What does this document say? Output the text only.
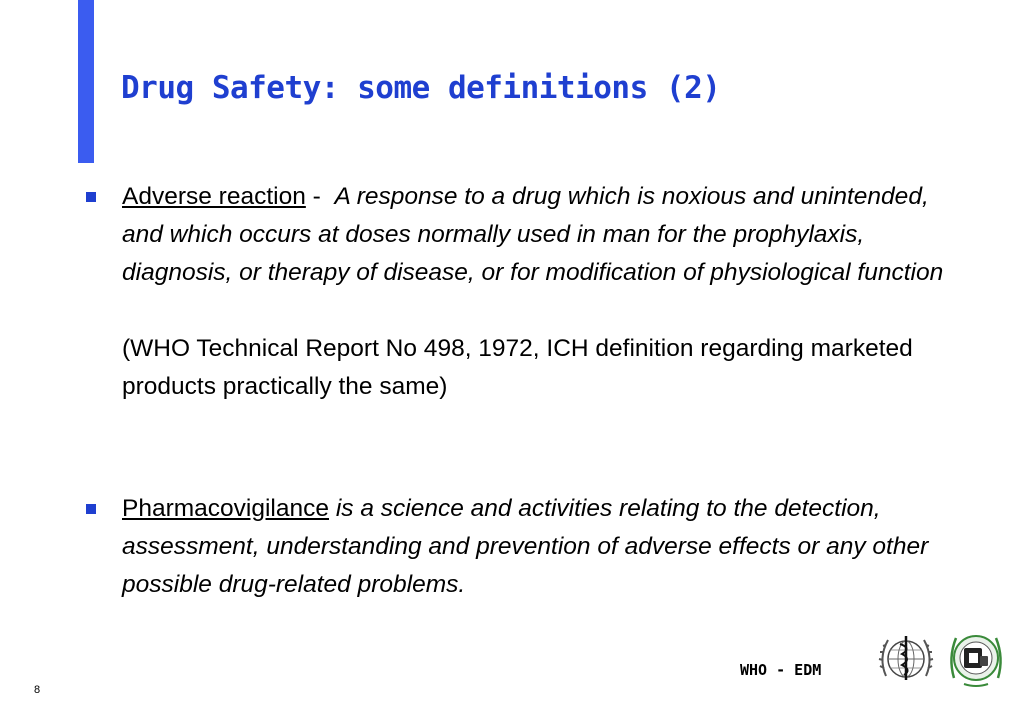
Drug Safety: some definitions (2)
Adverse reaction -  A response to a drug which is noxious and unintended, and which occurs at doses normally used in man for the prophylaxis, diagnosis, or therapy of disease, or for modification of physiological function
(WHO Technical Report No 498, 1972, ICH definition regarding marketed products practically the same)
Pharmacovigilance is a science and activities relating to the detection, assessment, understanding and prevention of adverse effects or any other possible drug-related problems.
WHO - EDM
8
